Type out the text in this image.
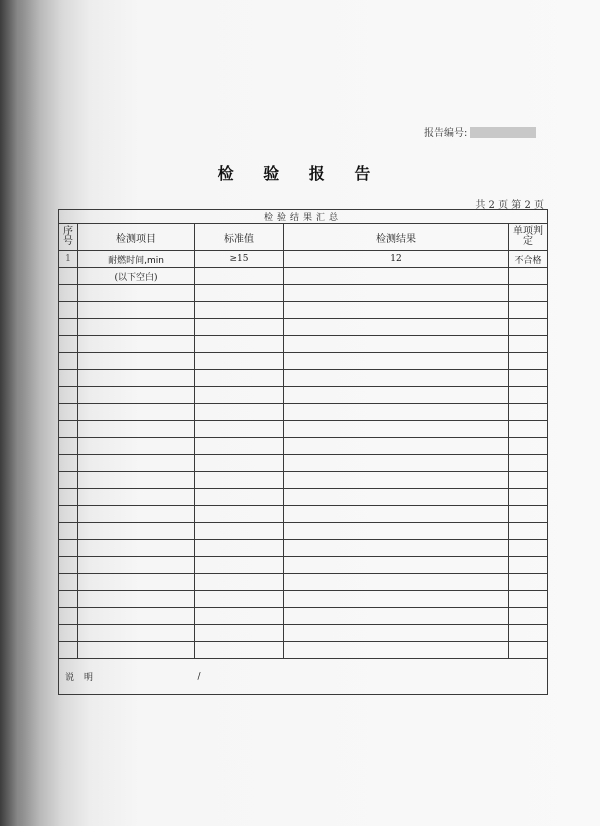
报告编号:
检 验 报 告
共 2 页 第 2 页
检验结果汇总				
序号	检测项目	标准值	检测结果	单项判定
1	耐燃时间,min	≥15	12	不合格
	(以下空白)			

说明		/		
